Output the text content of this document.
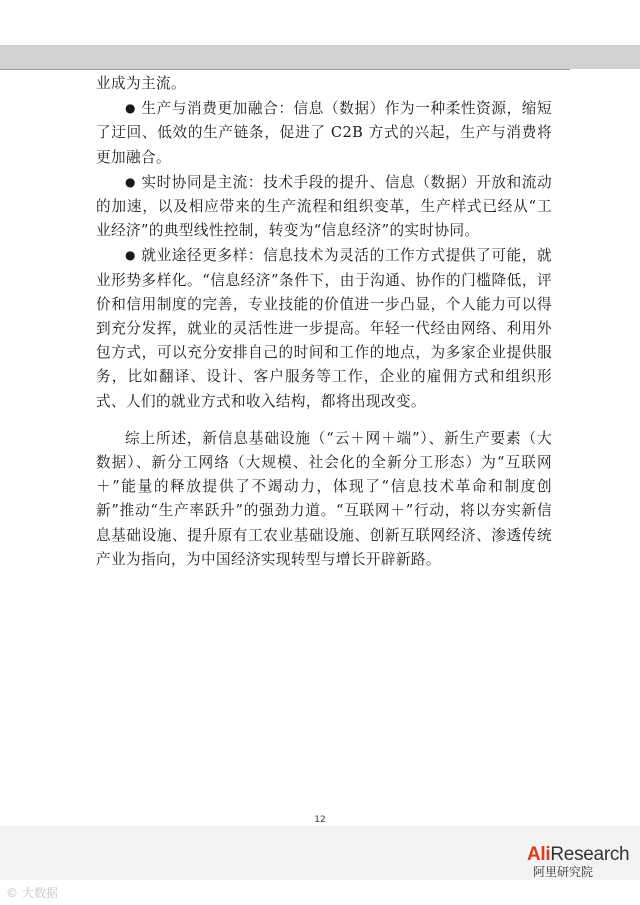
业成为主流。

● 生产与消费更加融合：信息（数据）作为一种柔性资源，缩短了迂回、低效的生产链条，促进了 C2B 方式的兴起，生产与消费将更加融合。

● 实时协同是主流：技术手段的提升、信息（数据）开放和流动的加速，以及相应带来的生产流程和组织变革，生产样式已经从“工业经济”的典型线性控制，转变为“信息经济”的实时协同。

● 就业途径更多样：信息技术为灵活的工作方式提供了可能，就业形势多样化。“信息经济”条件下，由于沟通、协作的门槛降低，评价和信用制度的完善，专业技能的价值进一步凸显，个人能力可以得到充分发挥，就业的灵活性进一步提高。年轻一代经由网络、利用外包方式，可以充分安排自己的时间和工作的地点，为多家企业提供服务，比如翻译、设计、客户服务等工作，企业的雇佣方式和组织形式、人们的就业方式和收入结构，都将出现改变。

综上所述，新信息基础设施（“云＋网＋端”）、新生产要素（大数据）、新分工网络（大规模、社会化的全新分工形态）为“互联网＋”能量的释放提供了不竭动力，体现了“信息技术革命和制度创新”推动“生产率跃升”的强劲力道。“互联网＋”行动，将以夯实新信息基础设施、提升原有工农业基础设施、创新互联网经济、渗透传统产业为指向，为中国经济实现转型与增长开辟新路。

12
AliResearch
阿里研究院
© 大数据
